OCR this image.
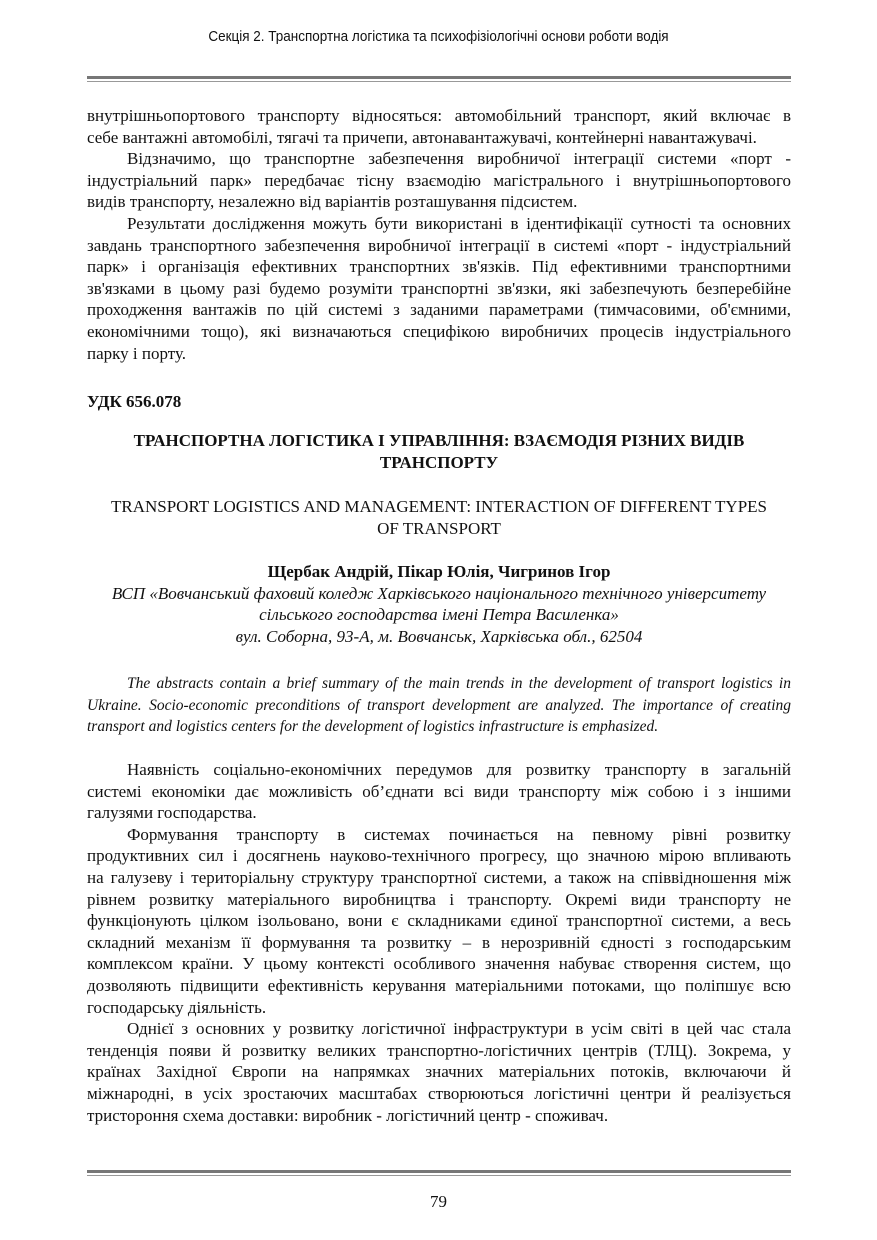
Секція 2. Транспортна логістика та психофізіологічні основи роботи водія
внутрішньопортового транспорту відносяться: автомобільний транспорт, який включає в
себе вантажні автомобілі, тягачі та причепи, автонавантажувачі, контейнерні навантажувачі.
Відзначимо, що транспортне забезпечення виробничої інтеграції системи «порт -
індустріальний парк» передбачає тісну взаємодію магістрального і внутрішньопортового
видів транспорту, незалежно від варіантів розташування підсистем.
Результати дослідження можуть бути використані в ідентифікації сутності та основних
завдань транспортного забезпечення виробничої інтеграції в системі «порт - індустріальний
парк» і організація ефективних транспортних зв'язків. Під ефективними транспортними
зв'язками в цьому разі будемо розуміти транспортні зв'язки, які забезпечують безперебійне
проходження вантажів по цій системі з заданими параметрами (тимчасовими, об'ємними,
економічними тощо), які визначаються специфікою виробничих процесів індустріального
парку і порту.
УДК 656.078
ТРАНСПОРТНА ЛОГІСТИКА І УПРАВЛІННЯ: ВЗАЄМОДІЯ РІЗНИХ ВИДІВ
ТРАНСПОРТУ
TRANSPORT LOGISTICS AND MANAGEMENT: INTERACTION OF DIFFERENT TYPES
OF TRANSPORT
Щербак Андрій, Пікар Юлія, Чигринов Ігор
ВСП «Вовчанський фаховий коледж Харківського національного технічного університету
сільського господарства імені Петра Василенка»
вул. Соборна, 93-А, м. Вовчанськ, Харківська обл., 62504
The abstracts contain a brief summary of the main trends in the development of transport logistics in
Ukraine. Socio-economic preconditions of transport development are analyzed. The importance of creating
transport and logistics centers for the development of logistics infrastructure is emphasized.
Наявність соціально-економічних передумов для розвитку транспорту в загальній
системі економіки дає можливість об’єднати всі види транспорту між собою і з іншими
галузями господарства.
Формування транспорту в системах починається на певному рівні розвитку
продуктивних сил і досягнень науково-технічного прогресу, що значною мірою впливають
на галузеву і територіальну структуру транспортної системи, а також на співвідношення між
рівнем розвитку матеріального виробництва і транспорту. Окремі види транспорту не
функціонують цілком ізольовано, вони є складниками єдиної транспортної системи, а весь
складний механізм її формування та розвитку – в нерозривній єдності з господарським
комплексом країни. У цьому контексті особливого значення набуває створення систем, що
дозволяють підвищити ефективність керування матеріальними потоками, що поліпшує всю
господарську діяльність.
Однієї з основних у розвитку логістичної інфраструктури в усім світі в цей час стала
тенденція появи й розвитку великих транспортно-логістичних центрів (ТЛЦ). Зокрема, у
країнах Західної Європи на напрямках значних матеріальних потоків, включаючи й
міжнародні, в усіх зростаючих масштабах створюються логістичні центри й реалізується
тристороння схема доставки: виробник - логістичний центр - споживач.
79
